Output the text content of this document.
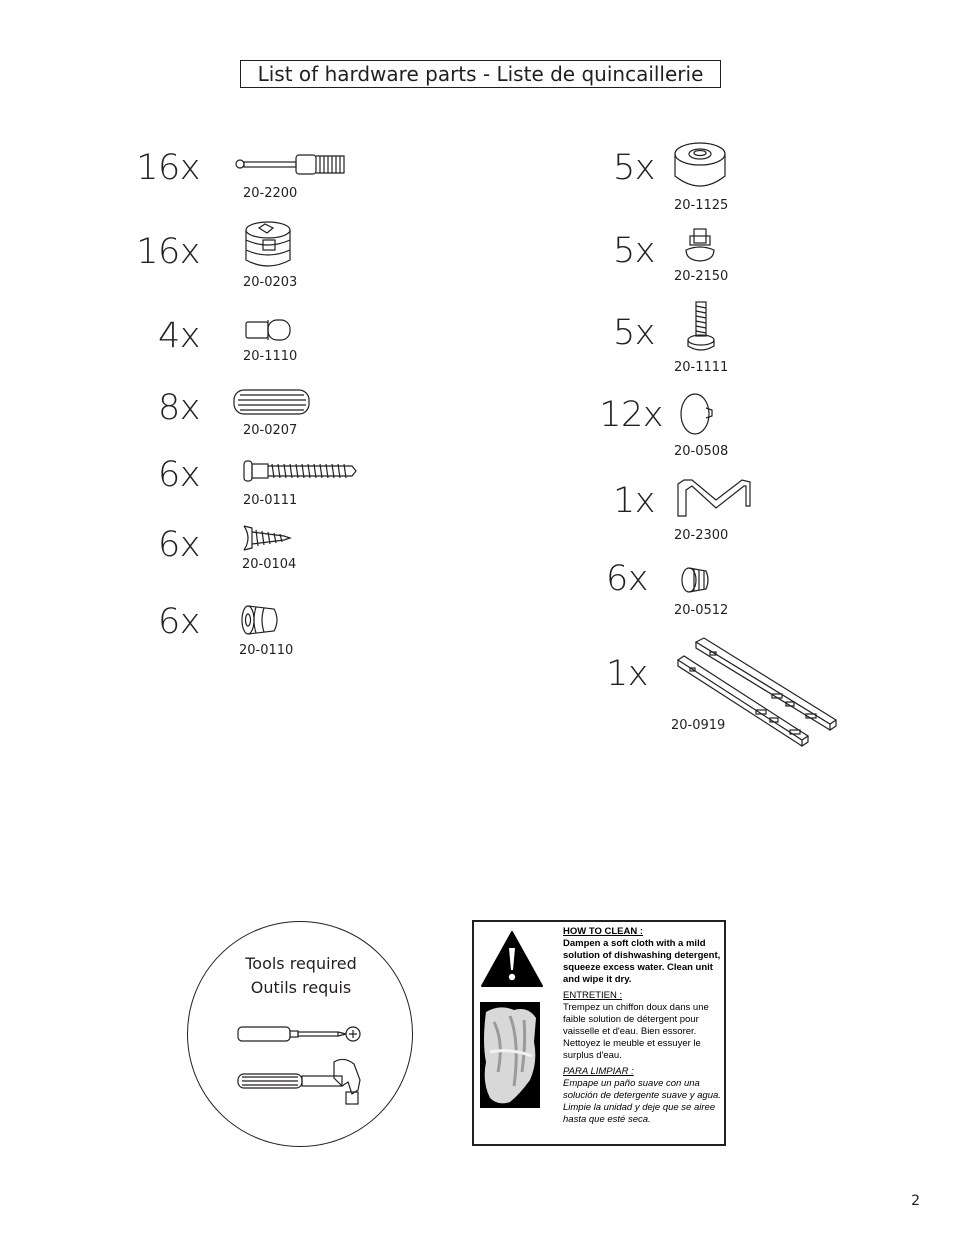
List of hardware parts - Liste de quincaillerie
16x
20-2200
16x
20-0203
4x
20-1110
8x
20-0207
6x
20-0111
6x	20-0104
6x
20-0110
5x
20-1125
5x
20-2150
5x
20-1111
12x
20-0508
1x
20-2300
6x
20-0512
1x
20-0919
Tools required
Outils requis
HOW TO CLEAN :

Dampen a soft cloth with a mild solution of dishwashing detergent, squeeze excess water. Clean unit and wipe it dry.

ENTRETIEN :

Trempez un chiffon doux dans une faible solution de détergent pour vaisselle et d'eau. Bien essorer. Nettoyez le meuble et essuyer le surplus d'eau.

PARA LIMPIAR :

Empape un paño suave con una solución de detergente suave y agua.

Limpie la unidad y deje que se airee hasta que esté seca.

2
